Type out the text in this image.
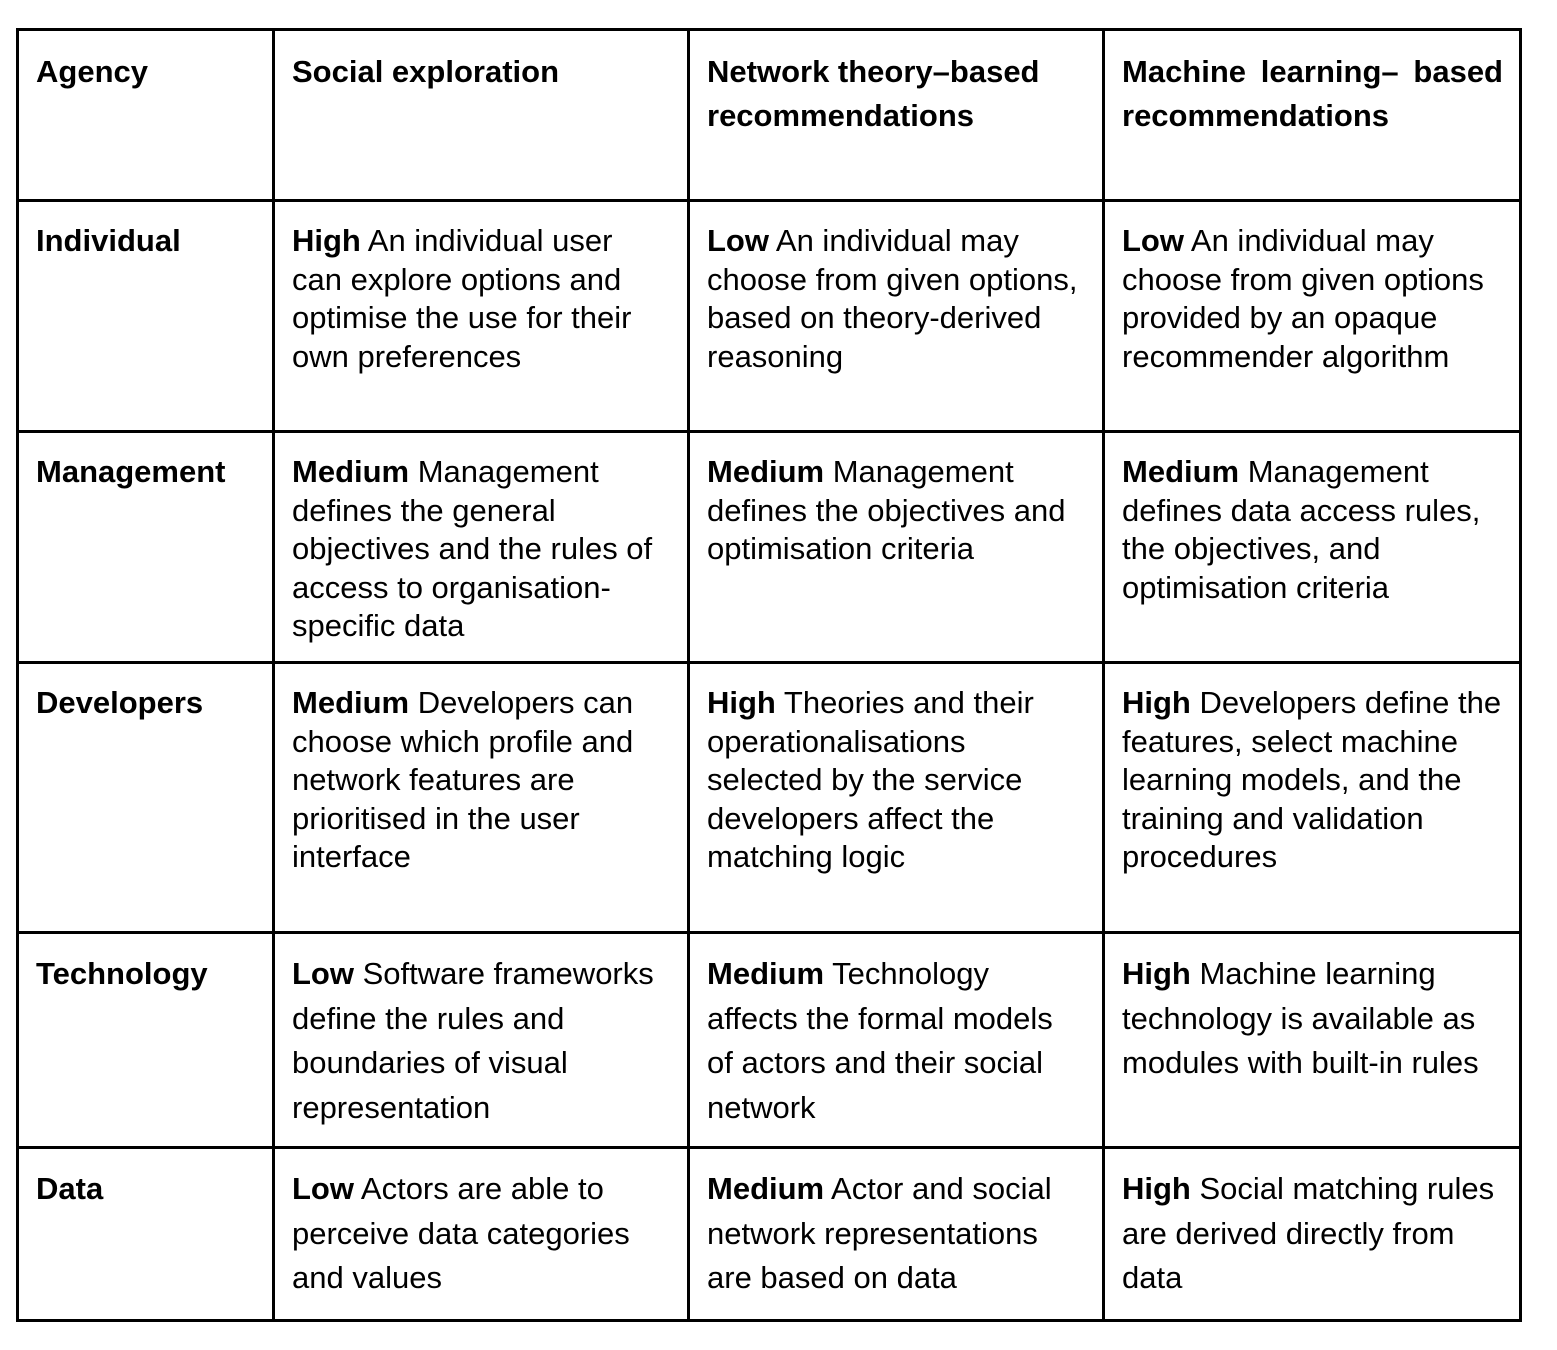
Agency	Social exploration	Network theory–based recommendations	Machine learning– based recommendations
Individual	High An individual user can explore options and optimise the use for their own preferences	Low An individual may choose from given options, based on theory-derived reasoning	Low An individual may choose from given options provided by an opaque recommender algorithm
Management	Medium Management defines the general objectives and the rules of access to organisation-specific data	Medium Management defines the objectives and optimisation criteria	Medium Management defines data access rules, the objectives, and optimisation criteria
Developers	Medium Developers can choose which profile and network features are prioritised in the user interface	High Theories and their operationalisations selected by the service developers affect the matching logic	High Developers define the features, select machine learning models, and the training and validation procedures
Technology	Low Software frameworks define the rules and boundaries of visual representation	Medium Technology affects the formal models of actors and their social network	High Machine learning technology is available as modules with built-in rules
Data	Low Actors are able to perceive data categories and values	Medium Actor and social network representations are based on data	High Social matching rules are derived directly from data
